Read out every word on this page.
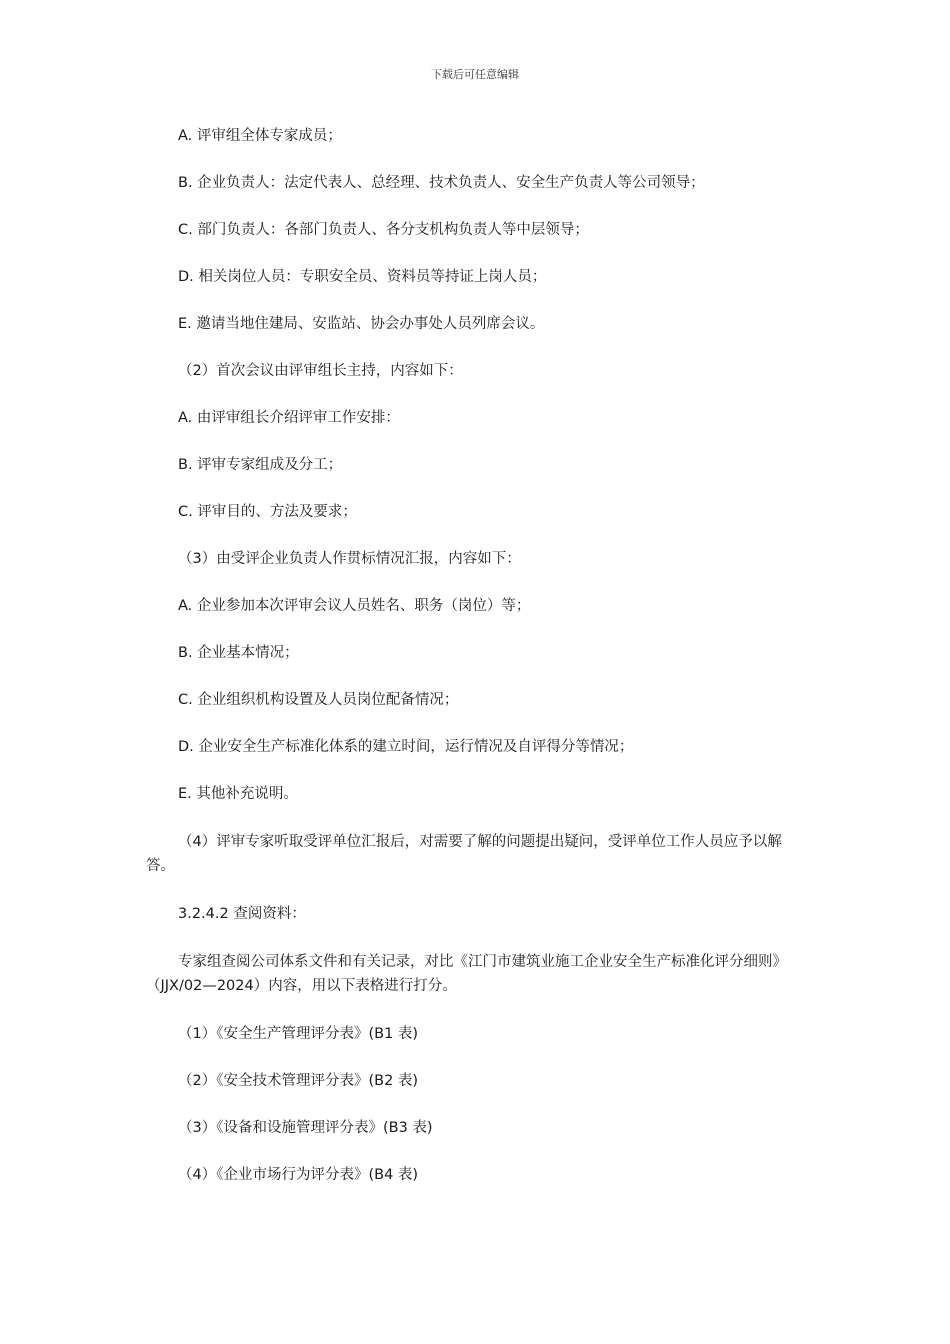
下载后可任意编辑
A. 评审组全体专家成员；
B. 企业负责人：法定代表人、总经理、技术负责人、安全生产负责人等公司领导；
C. 部门负责人：各部门负责人、各分支机构负责人等中层领导；
D. 相关岗位人员：专职安全员、资料员等持证上岗人员；
E. 邀请当地住建局、安监站、协会办事处人员列席会议。
（2）首次会议由评审组长主持，内容如下：
A. 由评审组长介绍评审工作安排：
B. 评审专家组成及分工；
C. 评审目的、方法及要求；
（3）由受评企业负责人作贯标情况汇报，内容如下：
A. 企业参加本次评审会议人员姓名、职务（岗位）等；
B. 企业基本情况；
C. 企业组织机构设置及人员岗位配备情况；
D. 企业安全生产标准化体系的建立时间，运行情况及自评得分等情况；
E. 其他补充说明。
（4）评审专家听取受评单位汇报后，对需要了解的问题提出疑问，受评单位工作人员应予以解答。
3.2.4.2 查阅资料：
专家组查阅公司体系文件和有关记录，对比《江门市建筑业施工企业安全生产标准化评分细则》（JJX/02—2024）内容，用以下表格进行打分。
（1）《安全生产管理评分表》(B1 表)
（2）《安全技术管理评分表》(B2 表)
（3）《设备和设施管理评分表》(B3 表)
（4）《企业市场行为评分表》(B4 表)
